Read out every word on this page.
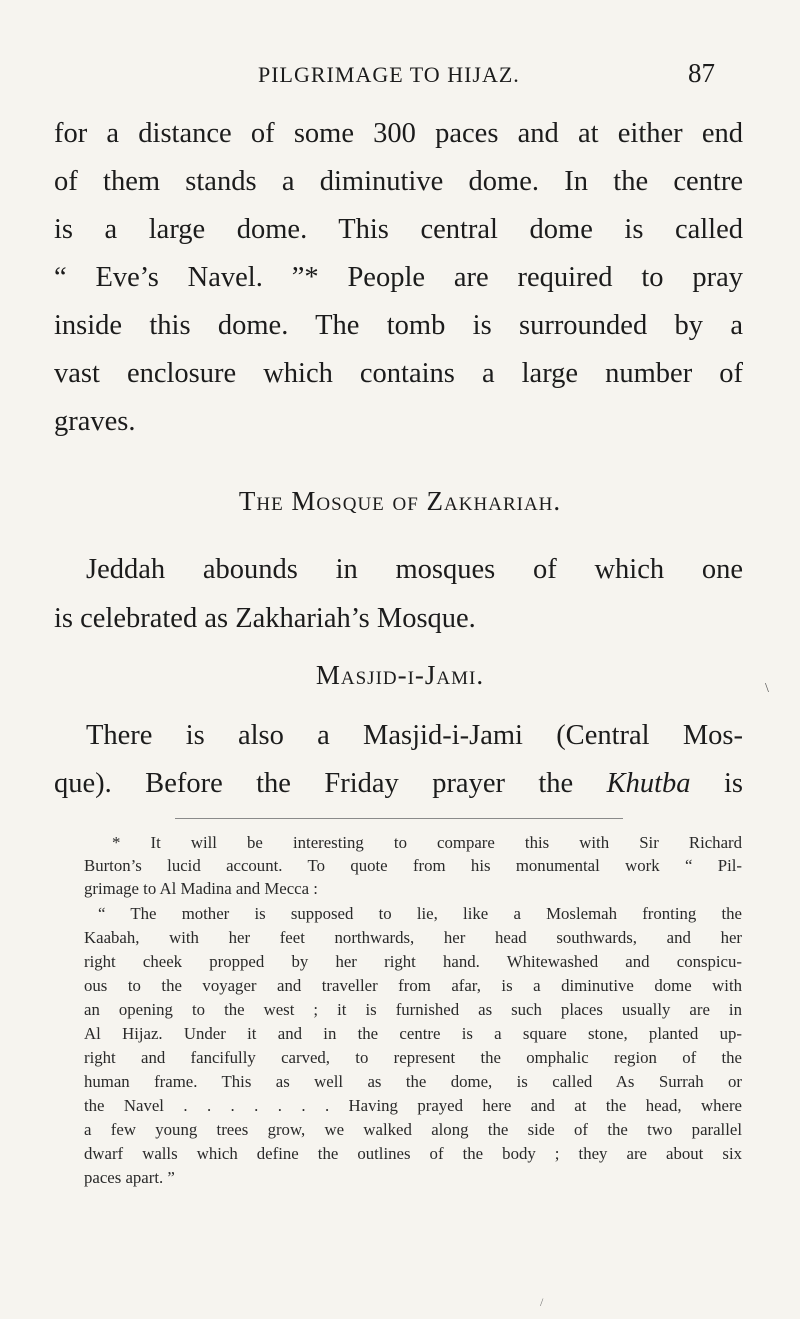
PILGRIMAGE TO HIJAZ.	87
for a distance of some 300 paces and at either end
of them stands a diminutive dome. In the centre
is a large dome. This central dome is called
“ Eve’s Navel. ”* People are required to pray
inside this dome. The tomb is surrounded by a
vast enclosure which contains a large number of
graves.
The Mosque of Zakhariah.
Jeddah abounds in mosques of which one
is celebrated as Zakhariah’s Mosque.
\
Masjid-i-Jami.
There is also a Masjid-i-Jami (Central Mos-
que). Before the Friday prayer the Khutba is
* It will be interesting to compare this with Sir Richard
Burton’s lucid account. To quote from his monumental work “ Pil-
grimage to Al Madina and Mecca :
“ The mother is supposed to lie, like a Moslemah fronting the
Kaabah, with her feet northwards, her head southwards, and her
right cheek propped by her right hand. Whitewashed and conspicu-
ous to the voyager and traveller from afar, is a diminutive dome with
an opening to the west ; it is furnished as such places usually are in
Al Hijaz. Under it and in the centre is a square stone, planted up-
right and fancifully carved, to represent the omphalic region of the
human frame. This as well as the dome, is called As Surrah or
the Navel . . . . . . . Having prayed here and at the head, where
a few young trees grow, we walked along the side of the two parallel
dwarf walls which define the outlines of the body ; they are about six
paces apart. ”
/
